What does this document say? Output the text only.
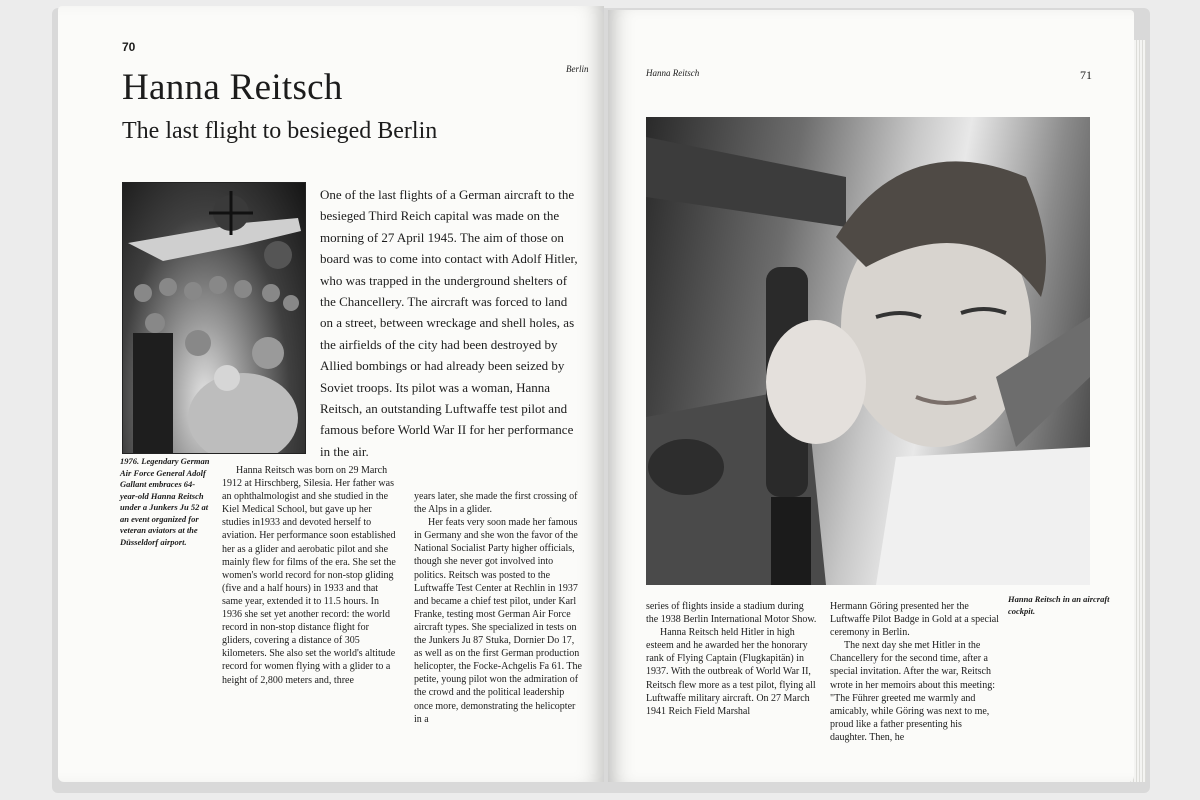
70
Berlin
Hanna Reitsch
The last flight to besieged Berlin
1976. Legendary German Air Force General Adolf Gallant embraces 64-year-old Hanna Reitsch under a Junkers Ju 52 at an event organized for veteran aviators at the Düsseldorf airport.

One of the last flights of a German aircraft to the besieged Third Reich capital was made on the morning of 27 April 1945. The aim of those on board was to come into contact with Adolf Hitler, who was trapped in the underground shelters of the Chancellery. The aircraft was forced to land on a street, between wreckage and shell holes, as the airfields of the city had been destroyed by Allied bombings or had already been seized by Soviet troops. Its pilot was a woman, Hanna Reitsch, an outstanding Luftwaffe test pilot and famous before World War II for her performance in the air.

Hanna Reitsch was born on 29 March 1912 at Hirschberg, Silesia. Her father was an ophthalmologist and she studied in the Kiel Medical School, but gave up her studies in1933 and devoted herself to aviation. Her performance soon established her as a glider and aerobatic pilot and she mainly flew for films of the era. She set the women's world record for non-stop gliding (five and a half hours) in 1933 and that same year, extended it to 11.5 hours. In 1936 she set yet another record: the world record in non-stop distance flight for gliders, covering a distance of 305 kilometers. She also set the world's altitude record for women flying with a glider to a height of 2,800 meters and, three

years later, she made the first crossing of the Alps in a glider.

Her feats very soon made her famous in Germany and she won the favor of the National Socialist Party higher officials, though she never got involved into politics. Reitsch was posted to the Luftwaffe Test Center at Rechlin in 1937 and became a chief test pilot, under Karl Franke, testing most German Air Force aircraft types. She specialized in tests on the Junkers Ju 87 Stuka, Dornier Do 17, as well as on the first German production helicopter, the Focke-Achgelis Fa 61. The petite, young pilot won the admiration of the crowd and the political leadership once more, demonstrating the helicopter in a

Hanna Reitsch	71
Hanna Reitsch in an aircraft cockpit.

series of flights inside a stadium during the 1938 Berlin International Motor Show.

Hanna Reitsch held Hitler in high esteem and he awarded her the honorary rank of Flying Captain (Flugkapitän) in 1937. With the outbreak of World War II, Reitsch flew more as a test pilot, flying all Luftwaffe military aircraft. On 27 March 1941 Reich Field Marshal

Hermann Göring presented her the Luftwaffe Pilot Badge in Gold at a special ceremony in Berlin.

The next day she met Hitler in the Chancellery for the second time, after a special invitation. After the war, Reitsch wrote in her memoirs about this meeting: "The Führer greeted me warmly and amicably, while Göring was next to me, proud like a father presenting his daughter. Then, he
